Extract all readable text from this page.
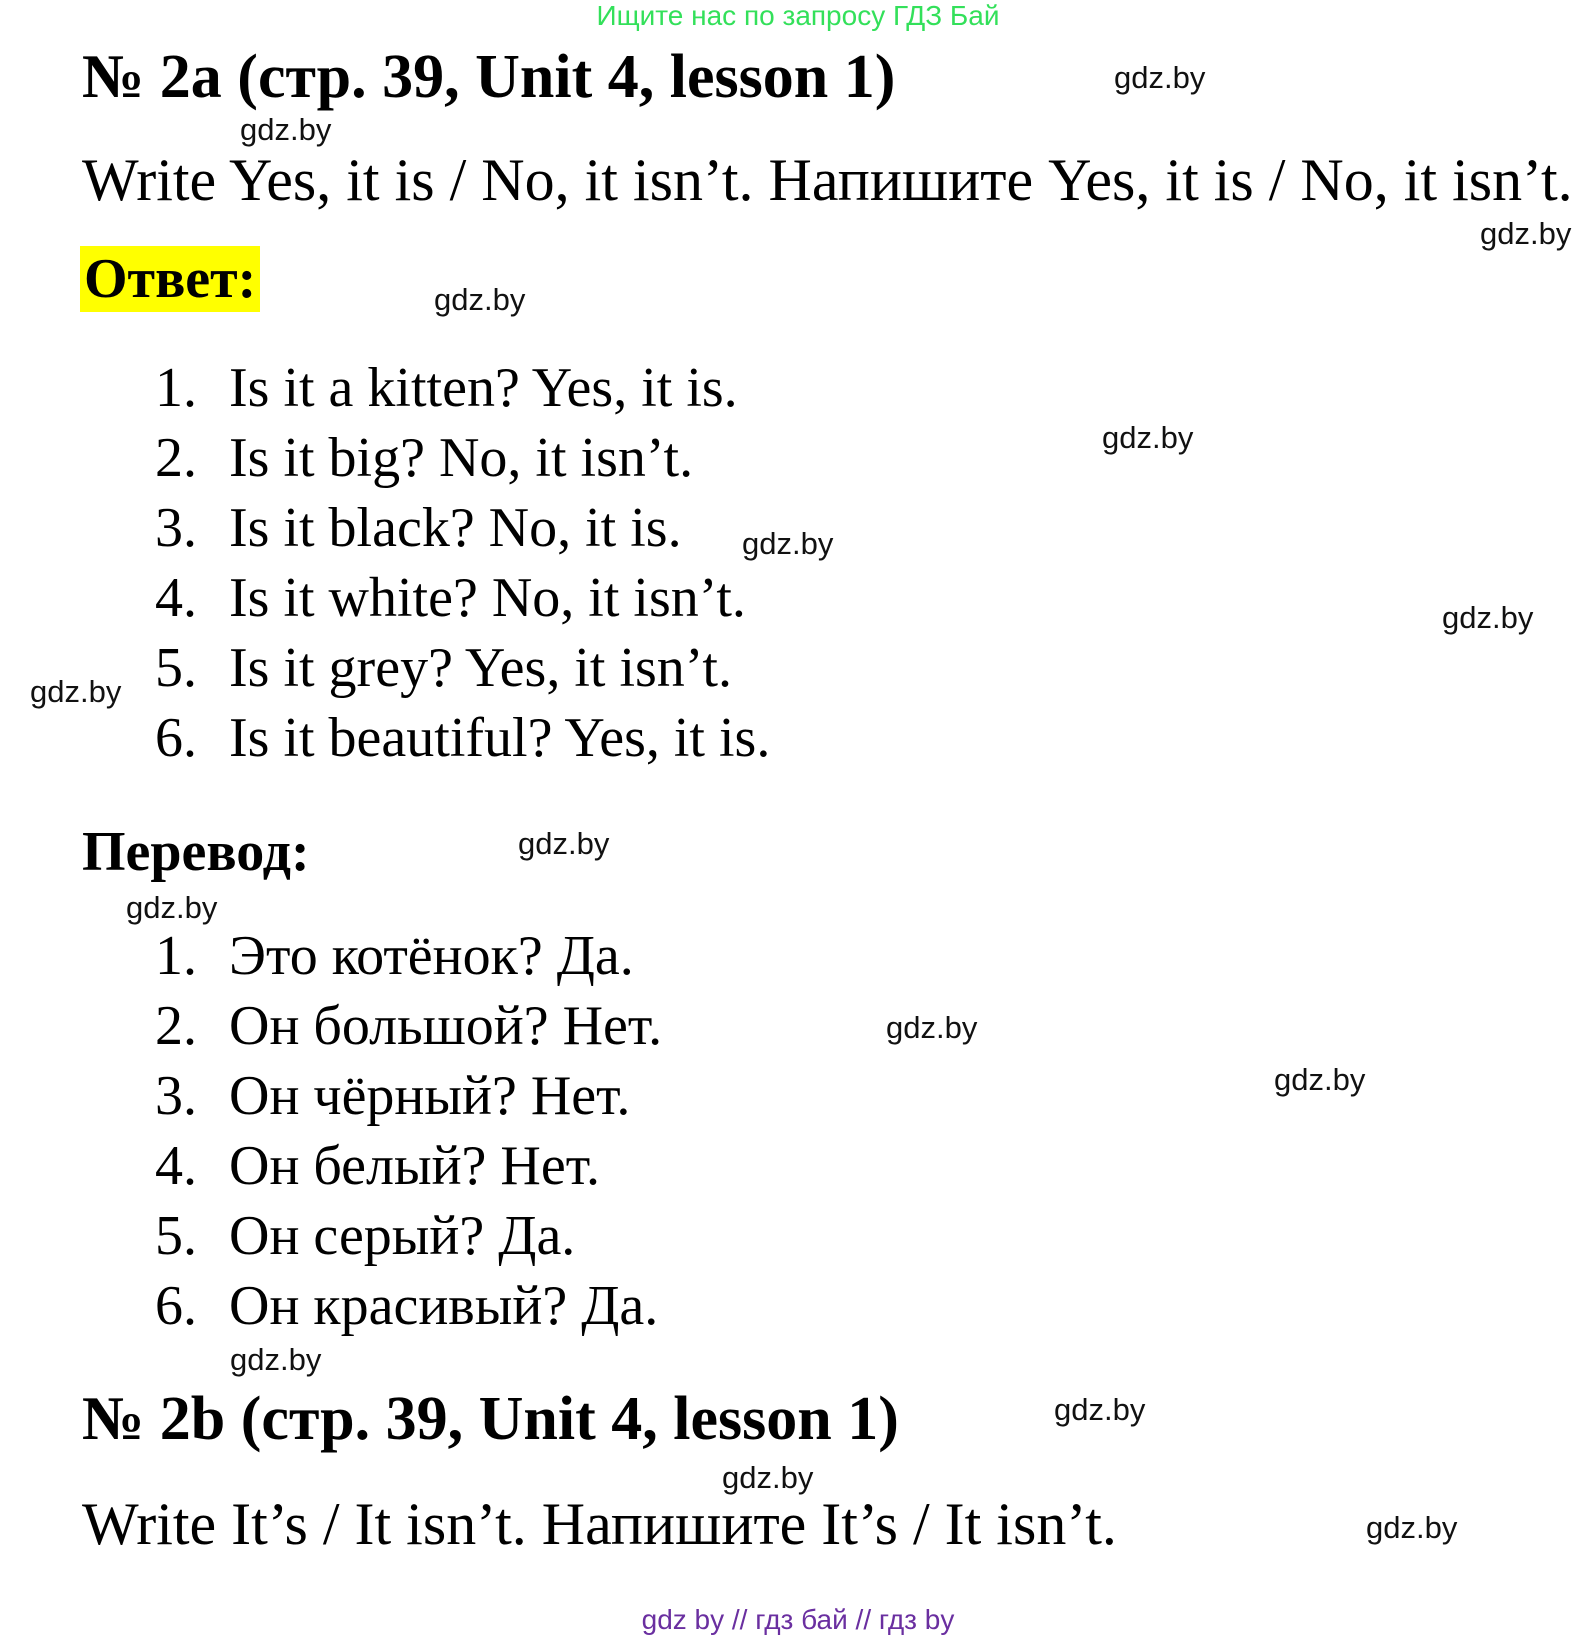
Ищите нас по запросу ГДЗ Бай
№ 2a (стр. 39, Unit 4, lesson 1)
Write Yes, it is / No, it isn’t. Напишите Yes, it is / No, it isn’t.
Ответ:
1. Is it a kitten? Yes, it is.
2. Is it big? No, it isn’t.
3. Is it black? No, it is.
4. Is it white? No, it isn’t.
5. Is it grey? Yes, it isn’t.
6. Is it beautiful? Yes, it is.
Перевод:
1. Это котёнок? Да.
2. Он большой? Нет.
3. Он чёрный? Нет.
4. Он белый? Нет.
5. Он серый? Да.
6. Он красивый? Да.
№ 2b (стр. 39, Unit 4, lesson 1)
Write It’s / It isn’t. Напишите It’s / It isn’t.
gdz.by
gdz.by
gdz.by
gdz.by
gdz.by
gdz.by
gdz.by
gdz.by
gdz.by
gdz.by
gdz.by
gdz.by
gdz.by
gdz.by
gdz.by
gdz.by
gdz by // гдз бай // гдз by
